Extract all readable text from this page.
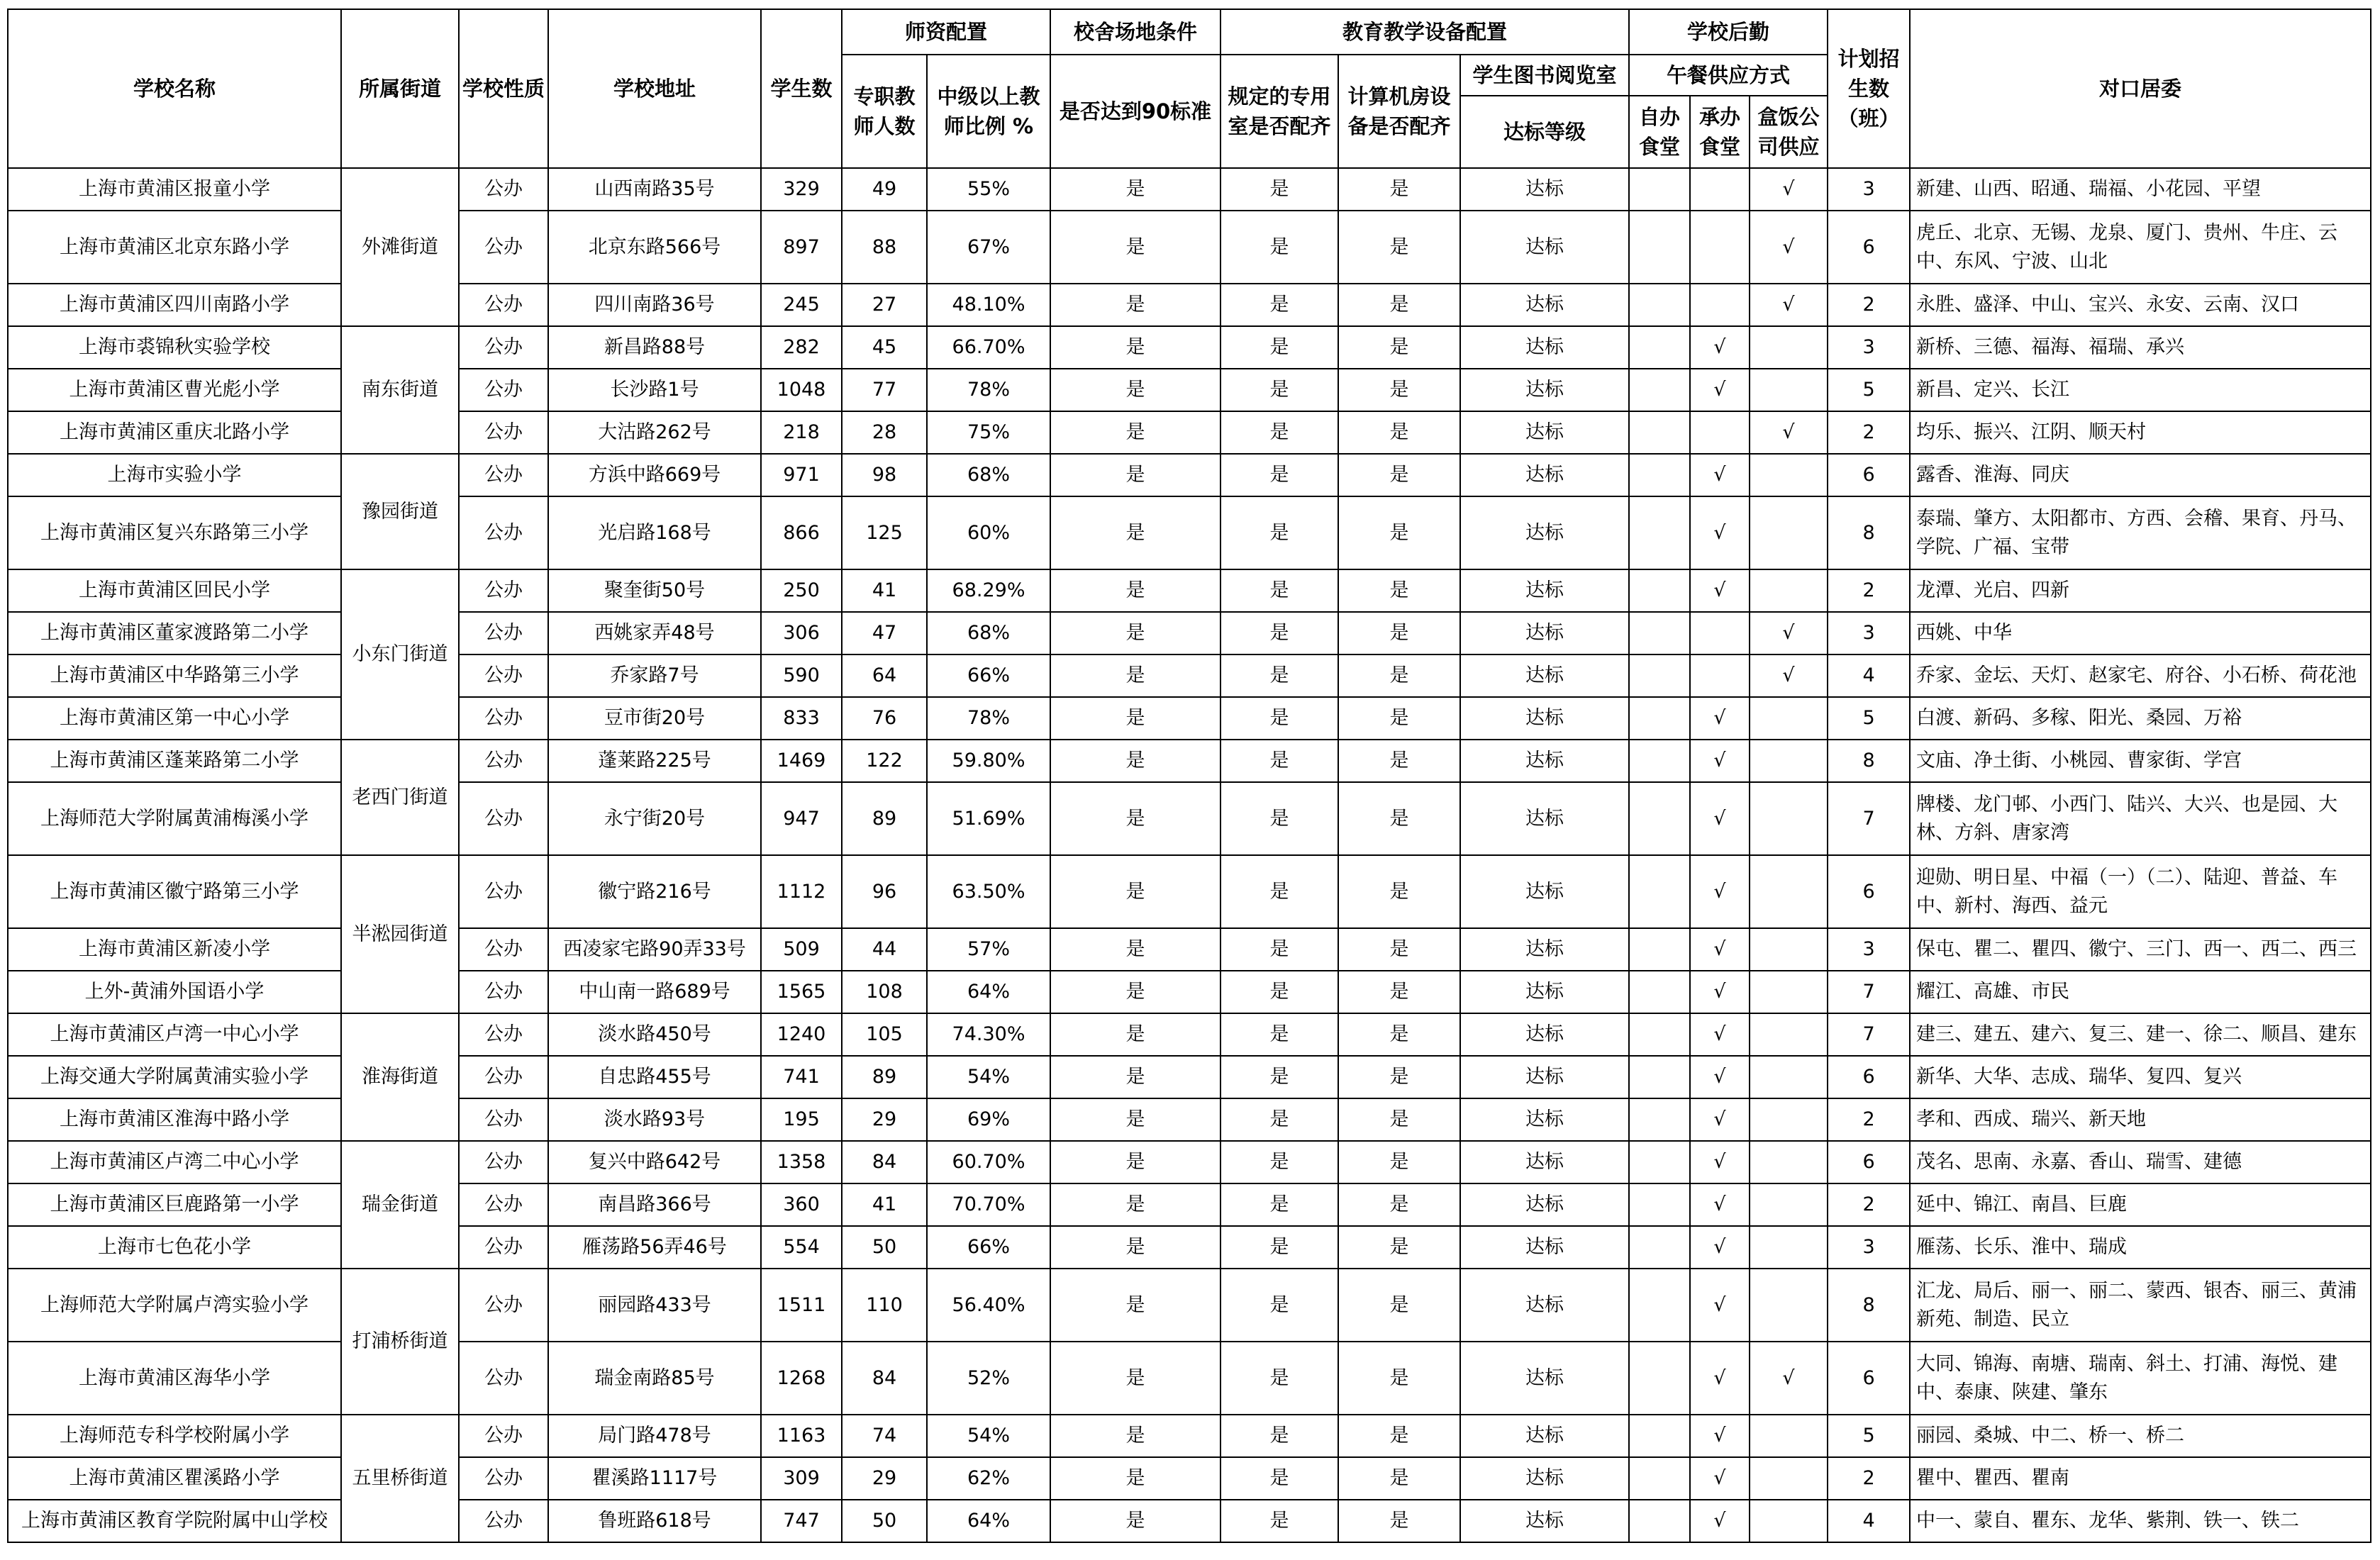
学校名称	所属街道	学校性质	学校地址	学生数	师资配置		校舍场地条件	教育教学设备配置			学校后勤			计划招生数（班）	对口居委
					专职教师人数	中级以上教师比例 %	是否达到90标准	规定的专用室是否配齐	计算机房设备是否配齐	学生图书阅览室	午餐供应方式				
										达标等级	自办食堂	承办食堂	盒饭公司供应		
上海市黄浦区报童小学	外滩街道	公办	山西南路35号	329	49	55%	是	是	是	达标			√	3	新建、山西、昭通、瑞福、小花园、平望
上海市黄浦区北京东路小学		公办	北京东路566号	897	88	67%	是	是	是	达标			√	6	虎丘、北京、无锡、龙泉、厦门、贵州、牛庄、云中、东风、宁波、山北
上海市黄浦区四川南路小学		公办	四川南路36号	245	27	48.10%	是	是	是	达标			√	2	永胜、盛泽、中山、宝兴、永安、云南、汉口
上海市裘锦秋实验学校	南东街道	公办	新昌路88号	282	45	66.70%	是	是	是	达标		√		3	新桥、三德、福海、福瑞、承兴
上海市黄浦区曹光彪小学		公办	长沙路1号	1048	77	78%	是	是	是	达标		√		5	新昌、定兴、长江
上海市黄浦区重庆北路小学		公办	大沽路262号	218	28	75%	是	是	是	达标			√	2	均乐、振兴、江阴、顺天村
上海市实验小学	豫园街道	公办	方浜中路669号	971	98	68%	是	是	是	达标		√		6	露香、淮海、同庆
上海市黄浦区复兴东路第三小学		公办	光启路168号	866	125	60%	是	是	是	达标		√		8	泰瑞、肇方、太阳都市、方西、会稽、果育、丹马、学院、广福、宝带
上海市黄浦区回民小学	小东门街道	公办	聚奎街50号	250	41	68.29%	是	是	是	达标		√		2	龙潭、光启、四新
上海市黄浦区董家渡路第二小学		公办	西姚家弄48号	306	47	68%	是	是	是	达标			√	3	西姚、中华
上海市黄浦区中华路第三小学		公办	乔家路7号	590	64	66%	是	是	是	达标			√	4	乔家、金坛、天灯、赵家宅、府谷、小石桥、荷花池
上海市黄浦区第一中心小学		公办	豆市街20号	833	76	78%	是	是	是	达标		√		5	白渡、新码、多稼、阳光、桑园、万裕
上海市黄浦区蓬莱路第二小学	老西门街道	公办	蓬莱路225号	1469	122	59.80%	是	是	是	达标		√		8	文庙、净土街、小桃园、曹家街、学宫
上海师范大学附属黄浦梅溪小学		公办	永宁街20号	947	89	51.69%	是	是	是	达标		√		7	牌楼、龙门邨、小西门、陆兴、大兴、也是园、大林、方斜、唐家湾
上海市黄浦区徽宁路第三小学	半淞园街道	公办	徽宁路216号	1112	96	63.50%	是	是	是	达标		√		6	迎勋、明日星、中福（一）（二）、陆迎、普益、车中、新村、海西、益元
上海市黄浦区新凌小学		公办	西凌家宅路90弄33号	509	44	57%	是	是	是	达标		√		3	保屯、瞿二、瞿四、徽宁、三门、西一、西二、西三
上外-黄浦外国语小学		公办	中山南一路689号	1565	108	64%	是	是	是	达标		√		7	耀江、高雄、市民
上海市黄浦区卢湾一中心小学	淮海街道	公办	淡水路450号	1240	105	74.30%	是	是	是	达标		√		7	建三、建五、建六、复三、建一、徐二、顺昌、建东
上海交通大学附属黄浦实验小学		公办	自忠路455号	741	89	54%	是	是	是	达标		√		6	新华、大华、志成、瑞华、复四、复兴
上海市黄浦区淮海中路小学		公办	淡水路93号	195	29	69%	是	是	是	达标		√		2	孝和、西成、瑞兴、新天地
上海市黄浦区卢湾二中心小学	瑞金街道	公办	复兴中路642号	1358	84	60.70%	是	是	是	达标		√		6	茂名、思南、永嘉、香山、瑞雪、建德
上海市黄浦区巨鹿路第一小学		公办	南昌路366号	360	41	70.70%	是	是	是	达标		√		2	延中、锦江、南昌、巨鹿
上海市七色花小学		公办	雁荡路56弄46号	554	50	66%	是	是	是	达标		√		3	雁荡、长乐、淮中、瑞成
上海师范大学附属卢湾实验小学	打浦桥街道	公办	丽园路433号	1511	110	56.40%	是	是	是	达标		√		8	汇龙、局后、丽一、丽二、蒙西、银杏、丽三、黄浦新苑、制造、民立
上海市黄浦区海华小学		公办	瑞金南路85号	1268	84	52%	是	是	是	达标		√	√	6	大同、锦海、南塘、瑞南、斜土、打浦、海悦、建中、泰康、陕建、肇东
上海师范专科学校附属小学	五里桥街道	公办	局门路478号	1163	74	54%	是	是	是	达标		√		5	丽园、桑城、中二、桥一、桥二
上海市黄浦区瞿溪路小学		公办	瞿溪路1117号	309	29	62%	是	是	是	达标		√		2	瞿中、瞿西、瞿南
上海市黄浦区教育学院附属中山学校		公办	鲁班路618号	747	50	64%	是	是	是	达标		√		4	中一、蒙自、瞿东、龙华、紫荆、铁一、铁二
